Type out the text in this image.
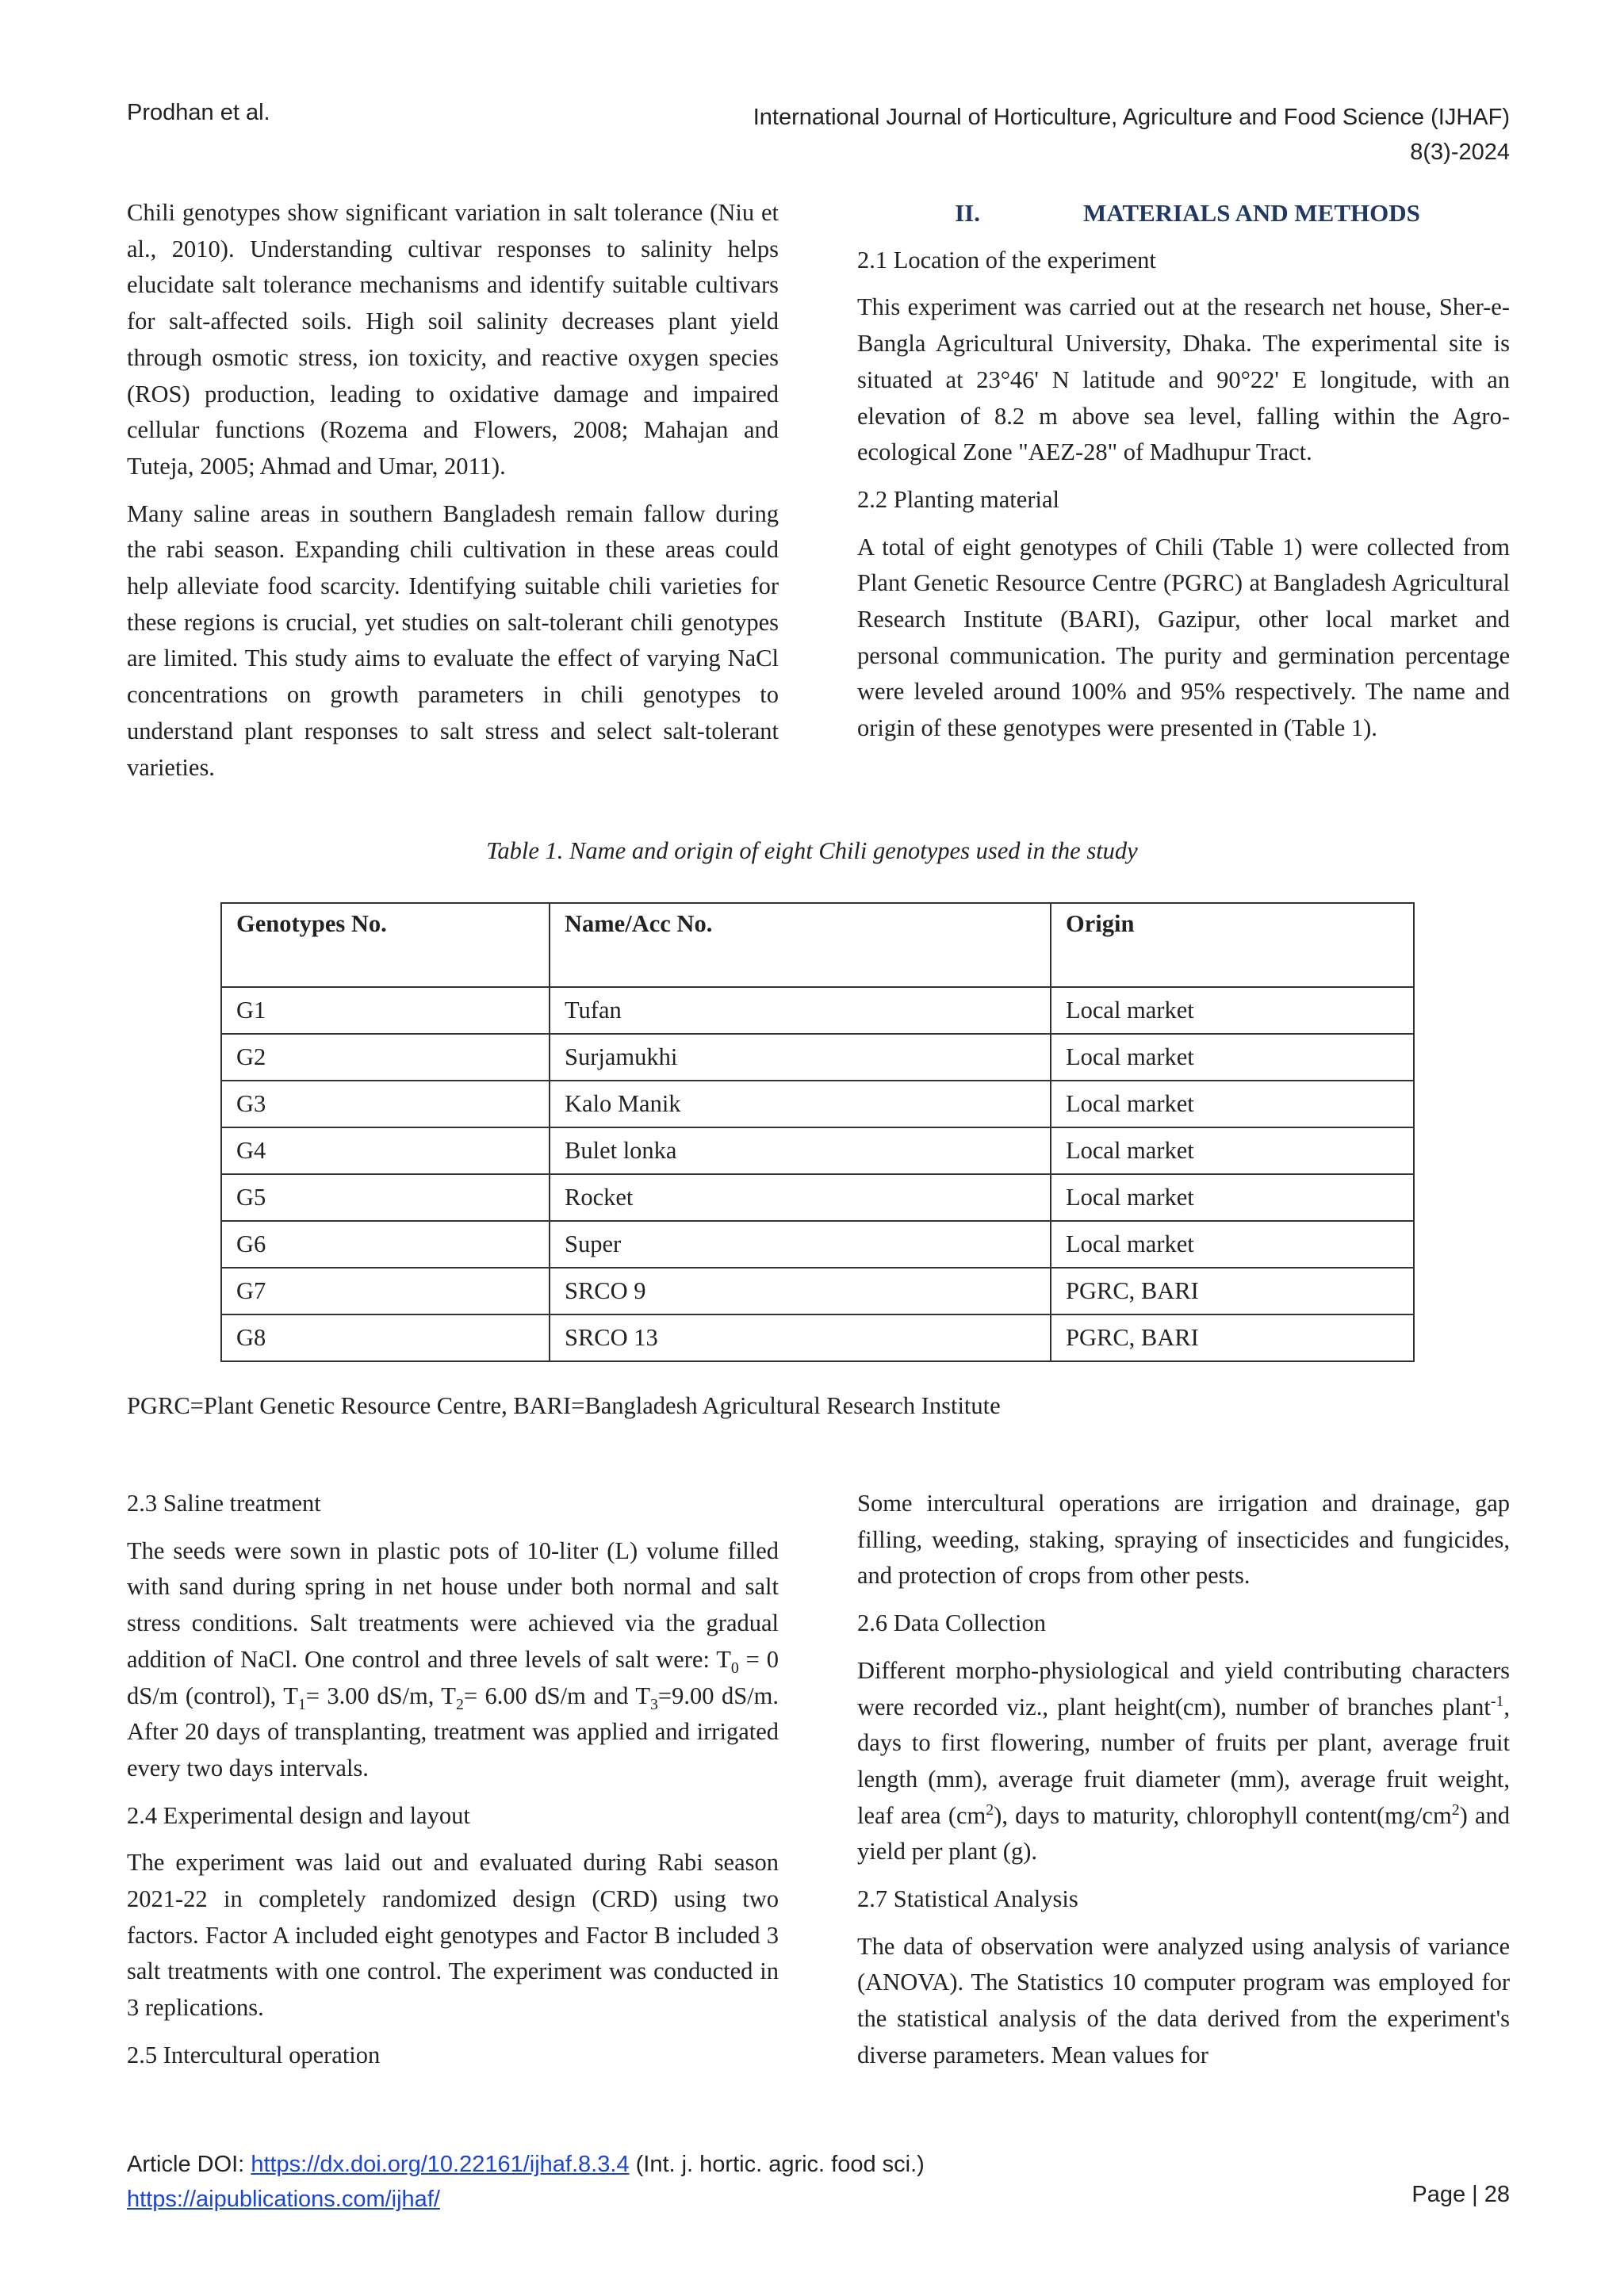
Prodhan et al.	International Journal of Horticulture, Agriculture and Food Science (IJHAF)
8(3)-2024

Chili genotypes show significant variation in salt tolerance (Niu et al., 2010). Understanding cultivar responses to salinity helps elucidate salt tolerance mechanisms and identify suitable cultivars for salt-affected soils. High soil salinity decreases plant yield through osmotic stress, ion toxicity, and reactive oxygen species (ROS) production, leading to oxidative damage and impaired cellular functions (Rozema and Flowers, 2008; Mahajan and Tuteja, 2005; Ahmad and Umar, 2011).

Many saline areas in southern Bangladesh remain fallow during the rabi season. Expanding chili cultivation in these areas could help alleviate food scarcity. Identifying suitable chili varieties for these regions is crucial, yet studies on salt-tolerant chili genotypes are limited. This study aims to evaluate the effect of varying NaCl concentrations on growth parameters in chili genotypes to understand plant responses to salt stress and select salt-tolerant varieties.

II.	MATERIALS AND METHODS
2.1 Location of the experiment

This experiment was carried out at the research net house, Sher-e-Bangla Agricultural University, Dhaka. The experimental site is situated at 23°46' N latitude and 90°22' E longitude, with an elevation of 8.2 m above sea level, falling within the Agro-ecological Zone "AEZ-28" of Madhupur Tract.

2.2 Planting material

A total of eight genotypes of Chili (Table 1) were collected from Plant Genetic Resource Centre (PGRC) at Bangladesh Agricultural Research Institute (BARI), Gazipur, other local market and personal communication. The purity and germination percentage were leveled around 100% and 95% respectively. The name and origin of these genotypes were presented in (Table 1).

Table 1. Name and origin of eight Chili genotypes used in the study
Genotypes No.	Name/Acc No.	Origin
G1	Tufan	Local market
G2	Surjamukhi	Local market
G3	Kalo Manik	Local market
G4	Bulet lonka	Local market
G5	Rocket	Local market
G6	Super	Local market
G7	SRCO 9	PGRC, BARI
G8	SRCO 13	PGRC, BARI
PGRC=Plant Genetic Resource Centre, BARI=Bangladesh Agricultural Research Institute
2.3 Saline treatment

The seeds were sown in plastic pots of 10-liter (L) volume filled with sand during spring in net house under both normal and salt stress conditions. Salt treatments were achieved via the gradual addition of NaCl. One control and three levels of salt were: $T_0 = 0$ dS/m (control), $T_1= 3.00$ dS/m, $T_2= 6.00$ dS/m and $T_3=9.00$ dS/m. After 20 days of transplanting, treatment was applied and irrigated every two days intervals.

2.4 Experimental design and layout

The experiment was laid out and evaluated during Rabi season 2021-22 in completely randomized design (CRD) using two factors. Factor A included eight genotypes and Factor B included 3 salt treatments with one control. The experiment was conducted in 3 replications.

2.5 Intercultural operation

Some intercultural operations are irrigation and drainage, gap filling, weeding, staking, spraying of insecticides and fungicides, and protection of crops from other pests.

2.6 Data Collection

Different morpho-physiological and yield contributing characters were recorded viz., plant height(cm), number of branches plant$^{-1}$, days to first flowering, number of fruits per plant, average fruit length (mm), average fruit diameter (mm), average fruit weight, leaf area $(cm^2)$, days to maturity, chlorophyll $content(mg/cm^2)$ and yield per plant (g).

2.7 Statistical Analysis

The data of observation were analyzed using analysis of variance (ANOVA). The Statistics 10 computer program was employed for the statistical analysis of the data derived from the experiment's diverse parameters. Mean values for

Article DOI: https://dx.doi.org/10.22161/ijhaf.8.3.4 (Int. j. hortic. agric. food sci.)
https://aipublications.com/ijhaf/	Page | 28
